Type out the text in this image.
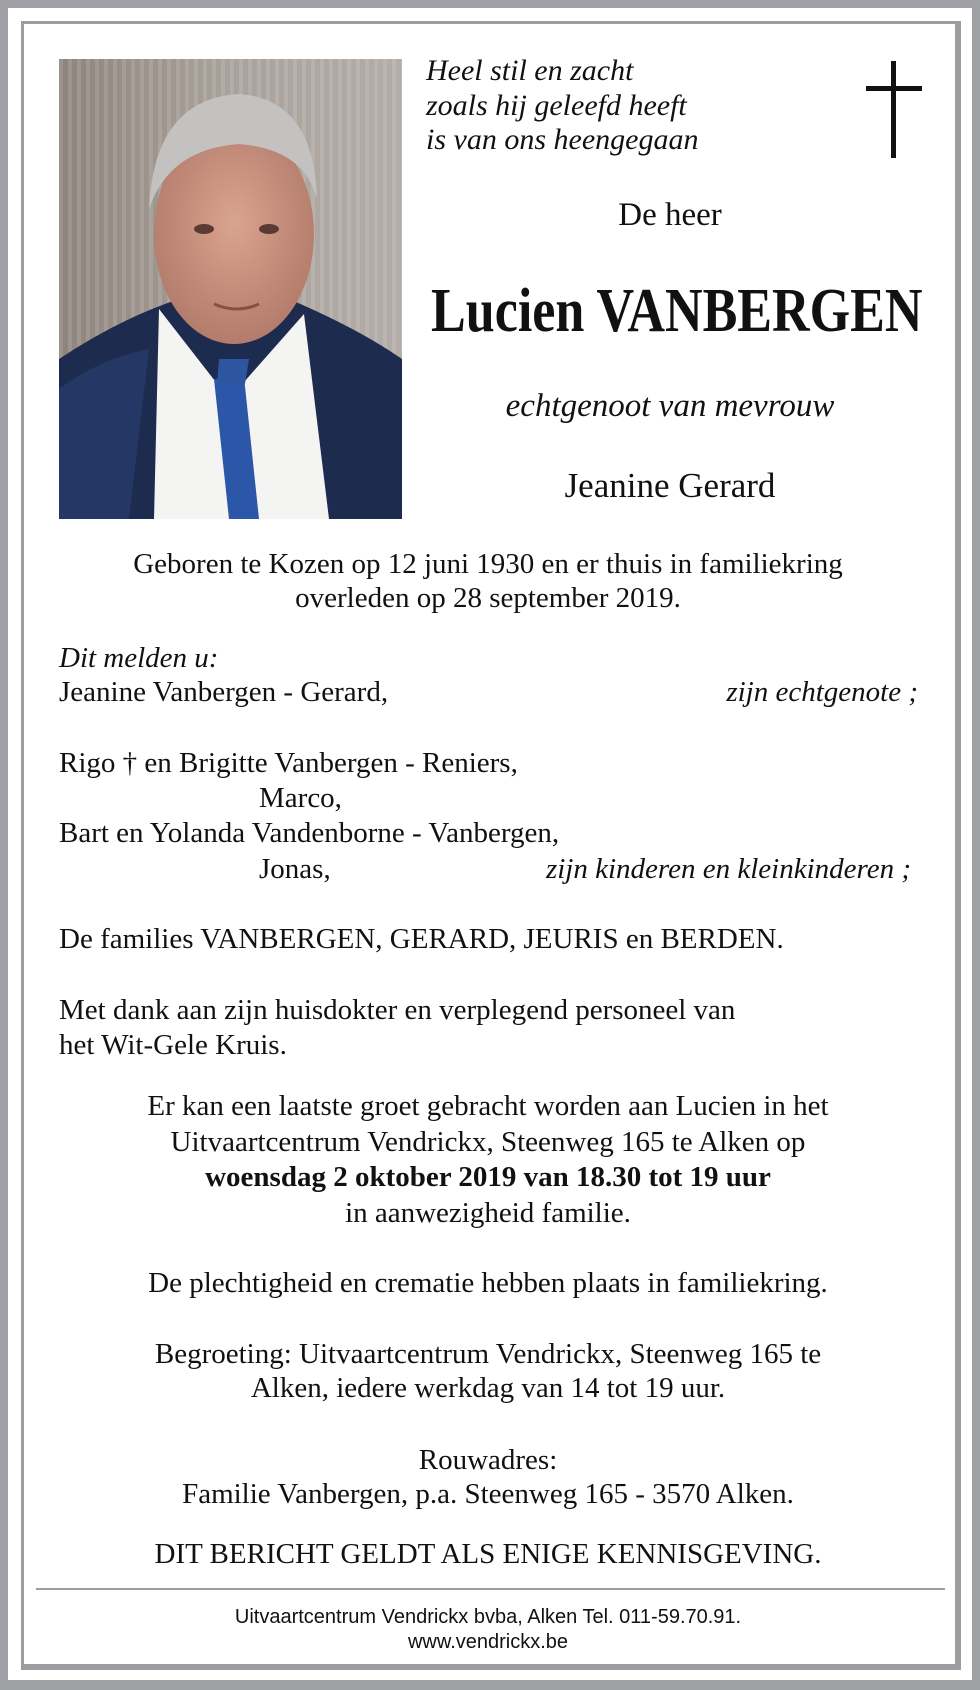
Heel stil en zacht
zoals hij geleefd heeft
is van ons heengegaan
De heer
Lucien VANBERGEN
echtgenoot van mevrouw
Jeanine Gerard
Geboren te Kozen op 12 juni 1930 en er thuis in familiekring
overleden op 28 september 2019.
Dit melden u:
Jeanine Vanbergen - Gerard,	zijn echtgenote ;
Rigo † en Brigitte Vanbergen - Reniers,
Marco,
Bart en Yolanda Vandenborne - Vanbergen,
Jonas,	zijn kinderen en kleinkinderen ;
De families VANBERGEN, GERARD, JEURIS en BERDEN.
Met dank aan zijn huisdokter en verplegend personeel van
het Wit-Gele Kruis.
Er kan een laatste groet gebracht worden aan Lucien in het
Uitvaartcentrum Vendrickx, Steenweg 165 te Alken op
woensdag 2 oktober 2019 van 18.30 tot 19 uur
in aanwezigheid familie.
De plechtigheid en crematie hebben plaats in familiekring.
Begroeting: Uitvaartcentrum Vendrickx, Steenweg 165 te
Alken, iedere werkdag van 14 tot 19 uur.
Rouwadres:
Familie Vanbergen, p.a. Steenweg 165 - 3570 Alken.
DIT BERICHT GELDT ALS ENIGE KENNISGEVING.
Uitvaartcentrum Vendrickx bvba, Alken Tel. 011-59.70.91.
www.vendrickx.be
